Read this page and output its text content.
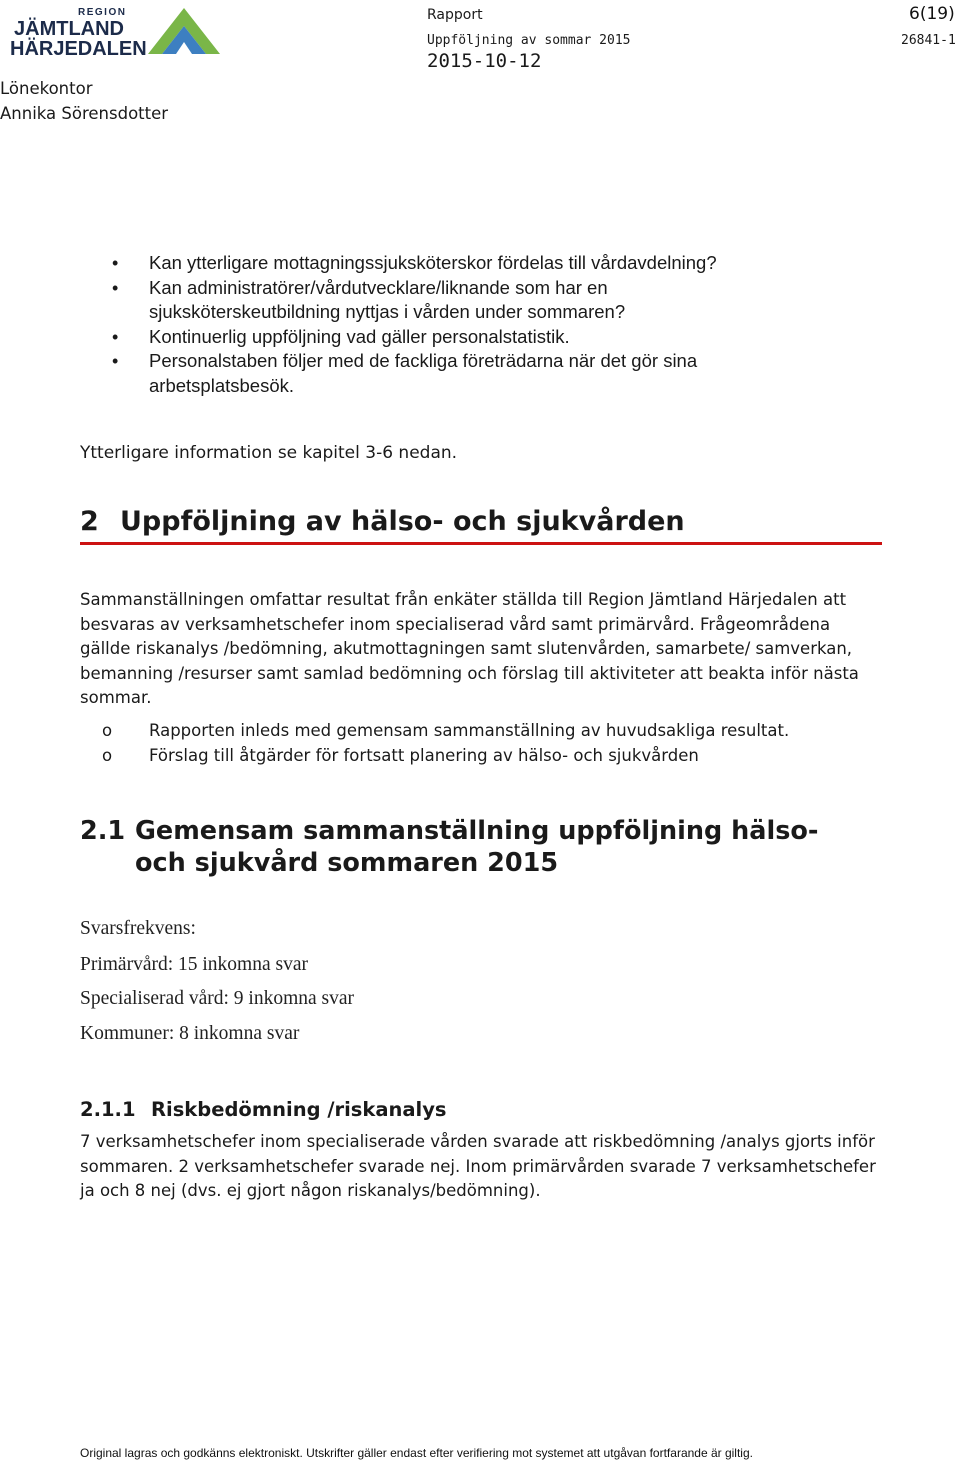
REGION
JÄMTLAND
HÄRJEDALEN
Lönekontor
Annika Sörensdotter
Rapport	6(19)
Uppföljning av sommar 2015	26841-1
2015-10-12
• Kan ytterligare mottagningssjuksköterskor fördelas till vårdavdelning?
• Kan administratörer/vårdutvecklare/liknande som har en sjuksköterskeutbildning nyttjas i vården under sommaren?
• Kontinuerlig uppföljning vad gäller personalstatistik.
• Personalstaben följer med de fackliga företrädarna när det gör sina arbetsplatsbesök.
Ytterligare information se kapitel 3-6 nedan.
2 Uppföljning av hälso- och sjukvården
Sammanställningen omfattar resultat från enkäter ställda till Region Jämtland Härjedalen att besvaras av verksamhetschefer inom specialiserad vård samt primärvård. Frågeområdena gällde riskanalys /bedömning, akutmottagningen samt slutenvården, samarbete/ samverkan, bemanning /resurser samt samlad bedömning och förslag till aktiviteter att beakta inför nästa sommar.
o Rapporten inleds med gemensam sammanställning av huvudsakliga resultat.
o Förslag till åtgärder för fortsatt planering av hälso- och sjukvården
2.1 Gemensam sammanställning uppföljning hälso- och sjukvård sommaren 2015
Svarsfrekvens:
Primärvård: 15 inkomna svar
Specialiserad vård: 9 inkomna svar
Kommuner: 8 inkomna svar
2.1.1 Riskbedömning /riskanalys
7 verksamhetschefer inom specialiserade vården svarade att riskbedömning /analys gjorts inför sommaren. 2 verksamhetschefer svarade nej. Inom primärvården svarade 7 verksamhetschefer ja och 8 nej (dvs. ej gjort någon riskanalys/bedömning).
Original lagras och godkänns elektroniskt. Utskrifter gäller endast efter verifiering mot systemet att utgåvan fortfarande är giltig.
